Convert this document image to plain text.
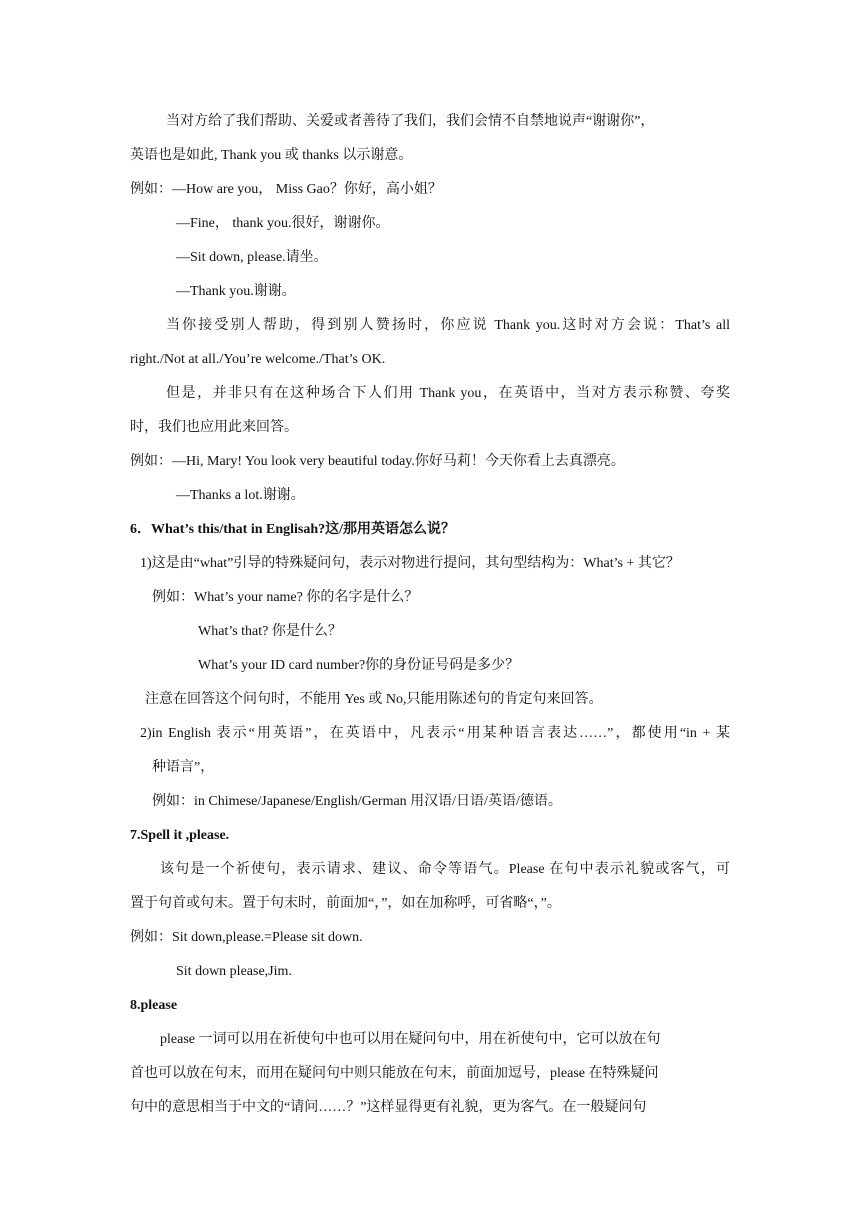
当对方给了我们帮助、关爱或者善待了我们，我们会情不自禁地说声“谢谢你”，
英语也是如此, Thank you 或 thanks 以示谢意。
例如：—How are you， Miss Gao？你好，高小姐？
—Fine， thank you.很好，谢谢你。
—Sit down, please.请坐。
—Thank you.谢谢。
当你接受别人帮助，得到别人赞扬时，你应说 Thank you.这时对方会说：That’s all
right./Not at all./You’re welcome./That’s OK.
但是，并非只有在这种场合下人们用 Thank you，在英语中，当对方表示称赞、夸奖
时，我们也应用此来回答。
例如：—Hi, Mary! You look very beautiful today.你好马莉！今天你看上去真漂亮。
—Thanks a lot.谢谢。
6．What’s this/that in Englisah?这/那用英语怎么说？
1)这是由“what”引导的特殊疑问句，表示对物进行提问，其句型结构为：What’s + 其它？
例如：What’s your name? 你的名字是什么？
What’s that? 你是什么？
What’s your ID card number?你的身份证号码是多少？
注意在回答这个问句时，不能用 Yes 或 No,只能用陈述句的肯定句来回答。
2)in English 表示“用英语”，在英语中，凡表示“用某种语言表达……”，都使用“in + 某
种语言”，
例如：in Chimese/Japanese/English/German 用汉语/日语/英语/德语。
7.Spell it ,please.
该句是一个祈使句，表示请求、建议、命令等语气。Please 在句中表示礼貌或客气，可
置于句首或句末。置于句末时，前面加“，”，如在加称呼，可省略“，”。
例如：Sit down,please.=Please sit down.
Sit down please,Jim.
8.please
please 一词可以用在祈使句中也可以用在疑问句中，用在祈使句中，它可以放在句
首也可以放在句末，而用在疑问句中则只能放在句末，前面加逗号，please 在特殊疑问
句中的意思相当于中文的“请问……？”这样显得更有礼貌，更为客气。在一般疑问句
